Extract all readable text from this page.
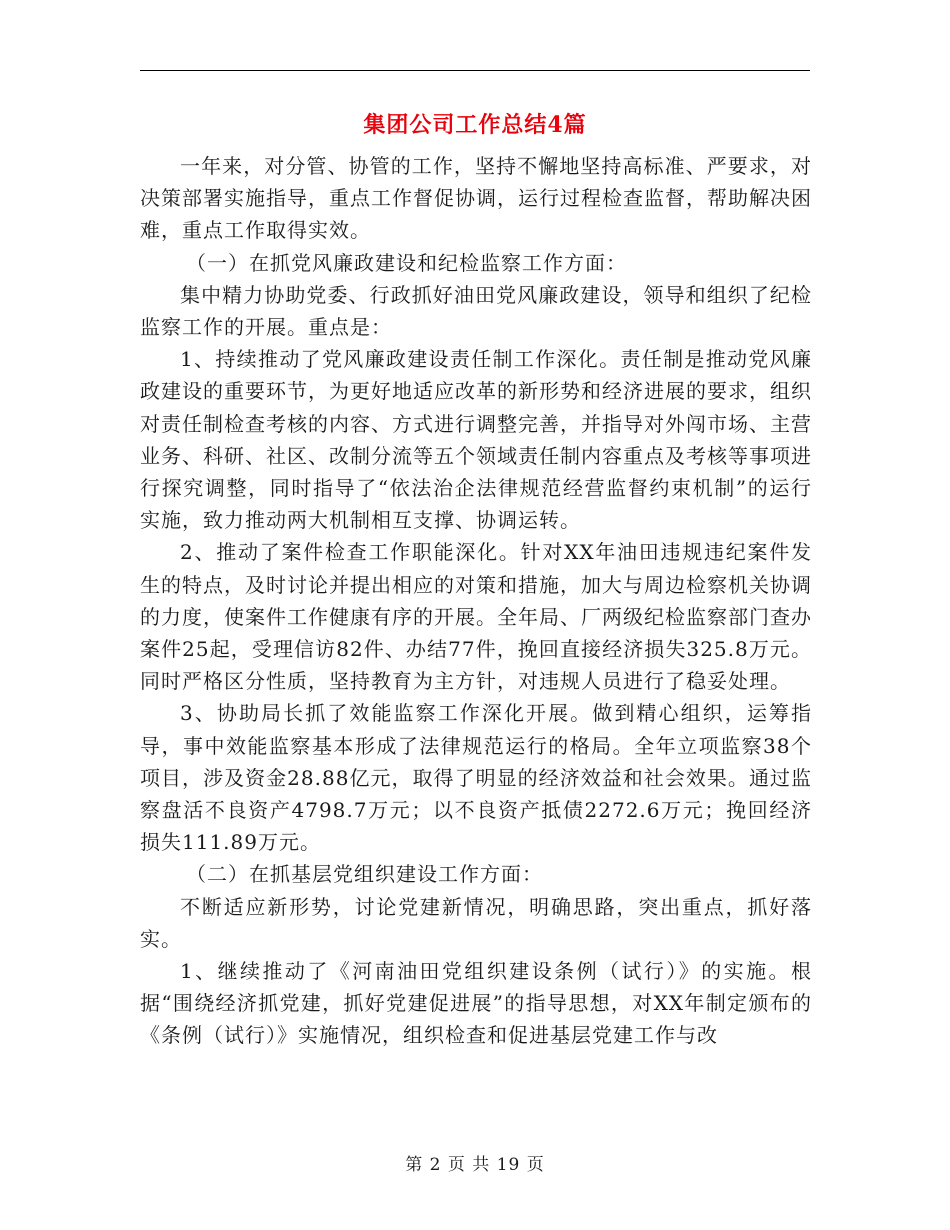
集团公司工作总结4篇

一年来，对分管、协管的工作，坚持不懈地坚持高标准、严要求，对决策部署实施指导，重点工作督促协调，运行过程检查监督，帮助解决困难，重点工作取得实效。

（一）在抓党风廉政建设和纪检监察工作方面：

集中精力协助党委、行政抓好油田党风廉政建设，领导和组织了纪检监察工作的开展。重点是：

1、持续推动了党风廉政建设责任制工作深化。责任制是推动党风廉政建设的重要环节，为更好地适应改革的新形势和经济进展的要求，组织对责任制检查考核的内容、方式进行调整完善，并指导对外闯市场、主营业务、科研、社区、改制分流等五个领域责任制内容重点及考核等事项进行探究调整，同时指导了“依法治企法律规范经营监督约束机制”的运行实施，致力推动两大机制相互支撑、协调运转。

2、推动了案件检查工作职能深化。针对XX年油田违规违纪案件发生的特点，及时讨论并提出相应的对策和措施，加大与周边检察机关协调的力度，使案件工作健康有序的开展。全年局、厂两级纪检监察部门查办案件25起，受理信访82件、办结77件，挽回直接经济损失325.8万元。同时严格区分性质，坚持教育为主方针，对违规人员进行了稳妥处理。

3、协助局长抓了效能监察工作深化开展。做到精心组织，运筹指导，事中效能监察基本形成了法律规范运行的格局。全年立项监察38个项目，涉及资金28.88亿元，取得了明显的经济效益和社会效果。通过监察盘活不良资产4798.7万元；以不良资产抵债2272.6万元；挽回经济损失111.89万元。

（二）在抓基层党组织建设工作方面：

不断适应新形势，讨论党建新情况，明确思路，突出重点，抓好落实。

1、继续推动了《河南油田党组织建设条例（试行）》的实施。根据“围绕经济抓党建，抓好党建促进展”的指导思想，对XX年制定颁布的《条例（试行）》实施情况，组织检查和促进基层党建工作与改

第 2 页 共 19 页
